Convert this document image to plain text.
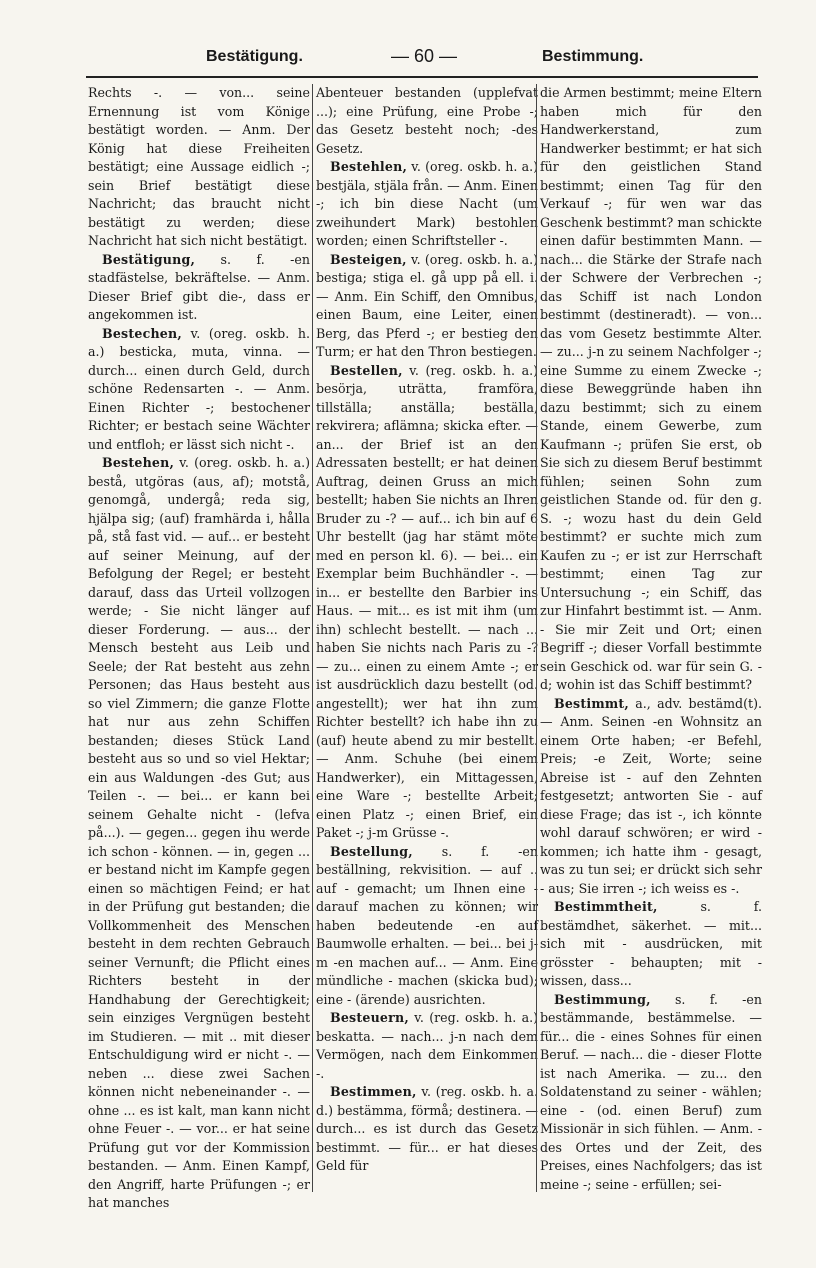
Bestätigung.	— 60 —	Bestimmung.

Rechts -. — von... seine Ernennung ist vom Könige bestätigt worden. — Anm. Der König hat diese Freiheiten bestätigt; eine Aussage eidlich -; sein Brief bestätigt diese Nachricht; das braucht nicht bestätigt zu werden; diese Nachricht hat sich nicht bestätigt.

Bestätigung, s. f. -en stadfästelse, bekräftelse. — Anm. Dieser Brief gibt die-, dass er angekommen ist.

Bestechen, v. (oreg. oskb. h. a.) besticka, muta, vinna. — durch... einen durch Geld, durch schöne Redensarten -. — Anm. Einen Richter -; bestochener Richter; er bestach seine Wächter und entfloh; er lässt sich nicht -.

Bestehen, v. (oreg. oskb. h. a.) bestå, utgöras (aus, af); motstå, genomgå, undergå; reda sig, hjälpa sig; (auf) framhärda i, hålla på, stå fast vid. — auf... er besteht auf seiner Meinung, auf der Befolgung der Regel; er besteht darauf, dass das Urteil vollzogen werde; - Sie nicht länger auf dieser Forderung. — aus... der Mensch besteht aus Leib und Seele; der Rat besteht aus zehn Personen; das Haus besteht aus so viel Zimmern; die ganze Flotte hat nur aus zehn Schiffen bestanden; dieses Stück Land besteht aus so und so viel Hektar; ein aus Waldungen -des Gut; aus Teilen -. — bei... er kann bei seinem Gehalte nicht - (lefva på...). — gegen... gegen ihu werde ich schon - können. — in, gegen ... er bestand nicht im Kampfe gegen einen so mächtigen Feind; er hat in der Prüfung gut bestanden; die Vollkommenheit des Menschen besteht in dem rechten Gebrauch seiner Vernunft; die Pflicht eines Richters besteht in der Handhabung der Gerechtigkeit; sein einziges Vergnügen besteht im Studieren. — mit .. mit dieser Entschuldigung wird er nicht -. — neben ... diese zwei Sachen können nicht nebeneinander -. — ohne ... es ist kalt, man kann nicht ohne Feuer -. — vor... er hat seine Prüfung gut vor der Kommission bestanden. — Anm. Einen Kampf, den Angriff, harte Prüfungen -; er hat manches

Abenteuer bestanden (upplefvat ...); eine Prüfung, eine Probe -; das Gesetz besteht noch; -des Gesetz.

Bestehlen, v. (oreg. oskb. h. a.) bestjäla, stjäla från. — Anm. Einen -; ich bin diese Nacht (um zweihundert Mark) bestohlen worden; einen Schriftsteller -.

Besteigen, v. (oreg. oskb. h. a.) bestiga; stiga el. gå upp på ell. i. — Anm. Ein Schiff, den Omnibus, einen Baum, eine Leiter, einen Berg, das Pferd -; er bestieg den Turm; er hat den Thron bestiegen.

Bestellen, v. (reg. oskb. h. a.) besörja, uträtta, framföra, tillställa; anställa; beställa, rekvirera; aflämna; skicka efter. — an... der Brief ist an den Adressaten bestellt; er hat deinen Auftrag, deinen Gruss an mich bestellt; haben Sie nichts an Ihren Bruder zu -? — auf... ich bin auf 6 Uhr bestellt (jag har stämt möte med en person kl. 6). — bei... ein Exemplar beim Buchhändler -. — in... er bestellte den Barbier ins Haus. — mit... es ist mit ihm (um ihn) schlecht bestellt. — nach ... haben Sie nichts nach Paris zu -? — zu... einen zu einem Amte -; er ist ausdrücklich dazu bestellt (od. angestellt); wer hat ihn zum Richter bestellt? ich habe ihn zu (auf) heute abend zu mir bestellt. — Anm. Schuhe (bei einem Handwerker), ein Mittagessen, eine Ware -; bestellte Arbeit; einen Platz -; einen Brief, ein Paket -; j-m Grüsse -.

Bestellung, s. f. -en beställning, rekvisition. — auf .. auf - gemacht; um Ihnen eine - darauf machen zu können; wir haben bedeutende -en auf Baumwolle erhalten. — bei... bei j-m -en machen auf... — Anm. Eine mündliche - machen (skicka bud); eine - (ärende) ausrichten.

Besteuern, v. (reg. oskb. h. a.) beskatta. — nach... j-n nach dem Vermögen, nach dem Einkommen -.

Bestimmen, v. (reg. oskb. h. a. d.) bestämma, förmå; destinera. — durch... es ist durch das Gesetz bestimmt. — für... er hat dieses Geld für

die Armen bestimmt; meine Eltern haben mich für den Handwerkerstand, zum Handwerker bestimmt; er hat sich für den geistlichen Stand bestimmt; einen Tag für den Verkauf -; für wen war das Geschenk bestimmt? man schickte einen dafür bestimmten Mann. — nach... die Stärke der Strafe nach der Schwere der Verbrechen -; das Schiff ist nach London bestimmt (destineradt). — von... das vom Gesetz bestimmte Alter. — zu... j-n zu seinem Nachfolger -; eine Summe zu einem Zwecke -; diese Beweggründe haben ihn dazu bestimmt; sich zu einem Stande, einem Gewerbe, zum Kaufmann -; prüfen Sie erst, ob Sie sich zu diesem Beruf bestimmt fühlen; seinen Sohn zum geistlichen Stande od. für den g. S. -; wozu hast du dein Geld bestimmt? er suchte mich zum Kaufen zu -; er ist zur Herrschaft bestimmt; einen Tag zur Untersuchung -; ein Schiff, das zur Hinfahrt bestimmt ist. — Anm. - Sie mir Zeit und Ort; einen Begriff -; dieser Vorfall bestimmte sein Geschick od. war für sein G. -d; wohin ist das Schiff bestimmt?

Bestimmt, a., adv. bestämd(t). — Anm. Seinen -en Wohnsitz an einem Orte haben; -er Befehl, Preis; -e Zeit, Worte; seine Abreise ist - auf den Zehnten festgesetzt; antworten Sie - auf diese Frage; das ist -, ich könnte wohl darauf schwören; er wird - kommen; ich hatte ihm - gesagt, was zu tun sei; er drückt sich sehr - aus; Sie irren -; ich weiss es -.

Bestimmtheit, s. f. bestämdhet, säkerhet. — mit... sich mit - ausdrücken, mit grösster - behaupten; mit - wissen, dass...

Bestimmung, s. f. -en bestämmande, bestämmelse. — für... die - eines Sohnes für einen Beruf. — nach... die - dieser Flotte ist nach Amerika. — zu... den Soldatenstand zu seiner - wählen; eine - (od. einen Beruf) zum Missionär in sich fühlen. — Anm. - des Ortes und der Zeit, des Preises, eines Nachfolgers; das ist meine -; seine - erfüllen; sei-
